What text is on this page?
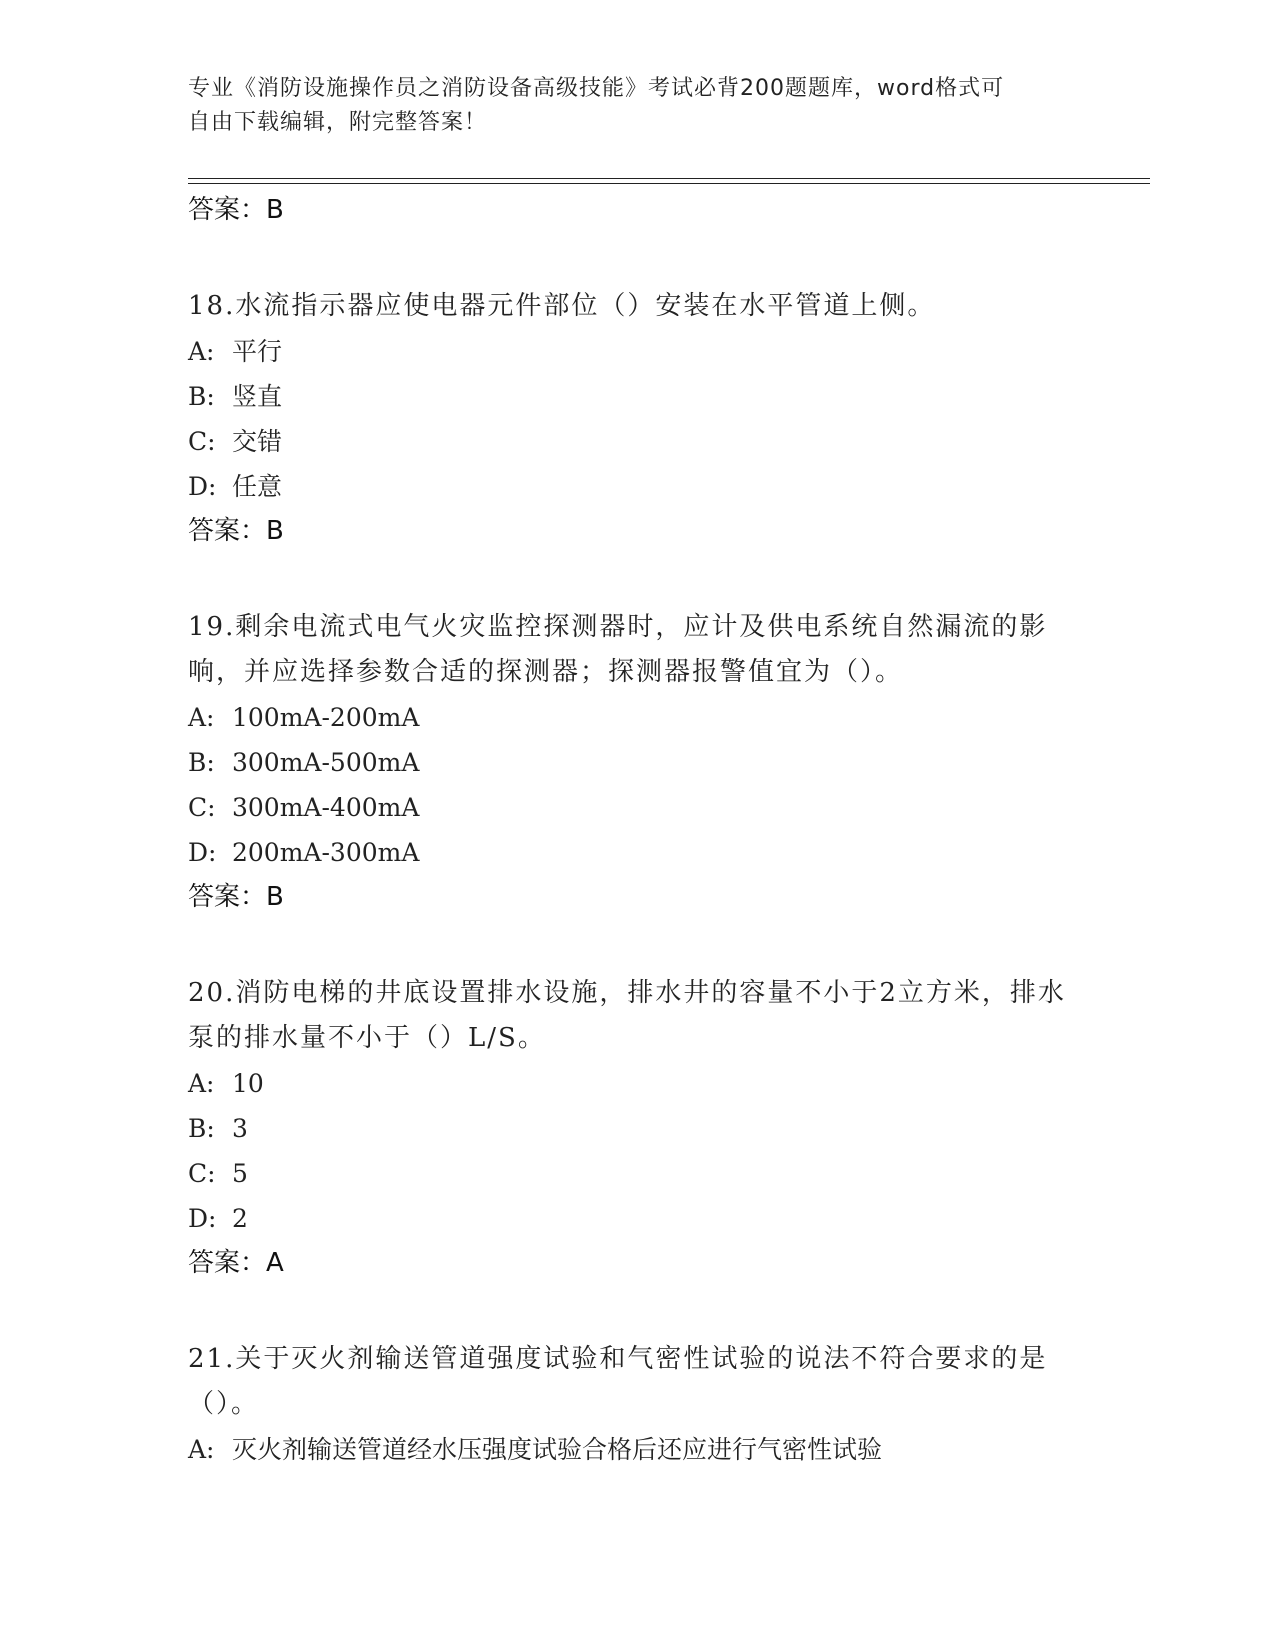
专业《消防设施操作员之消防设备高级技能》考试必背200题题库，word格式可
自由下载编辑，附完整答案！
答案：B
18.水流指示器应使电器元件部位（）安装在水平管道上侧。
A: 平行
B: 竖直
C: 交错
D: 任意
答案：B
19.剩余电流式电气火灾监控探测器时，应计及供电系统自然漏流的影响，并应选择参数合适的探测器；探测器报警值宜为（）。
A: 100mA-200mA
B: 300mA-500mA
C: 300mA-400mA
D: 200mA-300mA
答案：B
20.消防电梯的井底设置排水设施，排水井的容量不小于2立方米，排水泵的排水量不小于（）L/S。
A: 10
B: 3
C: 5
D: 2
答案：A
21.关于灭火剂输送管道强度试验和气密性试验的说法不符合要求的是（）。
A: 灭火剂输送管道经水压强度试验合格后还应进行气密性试验
